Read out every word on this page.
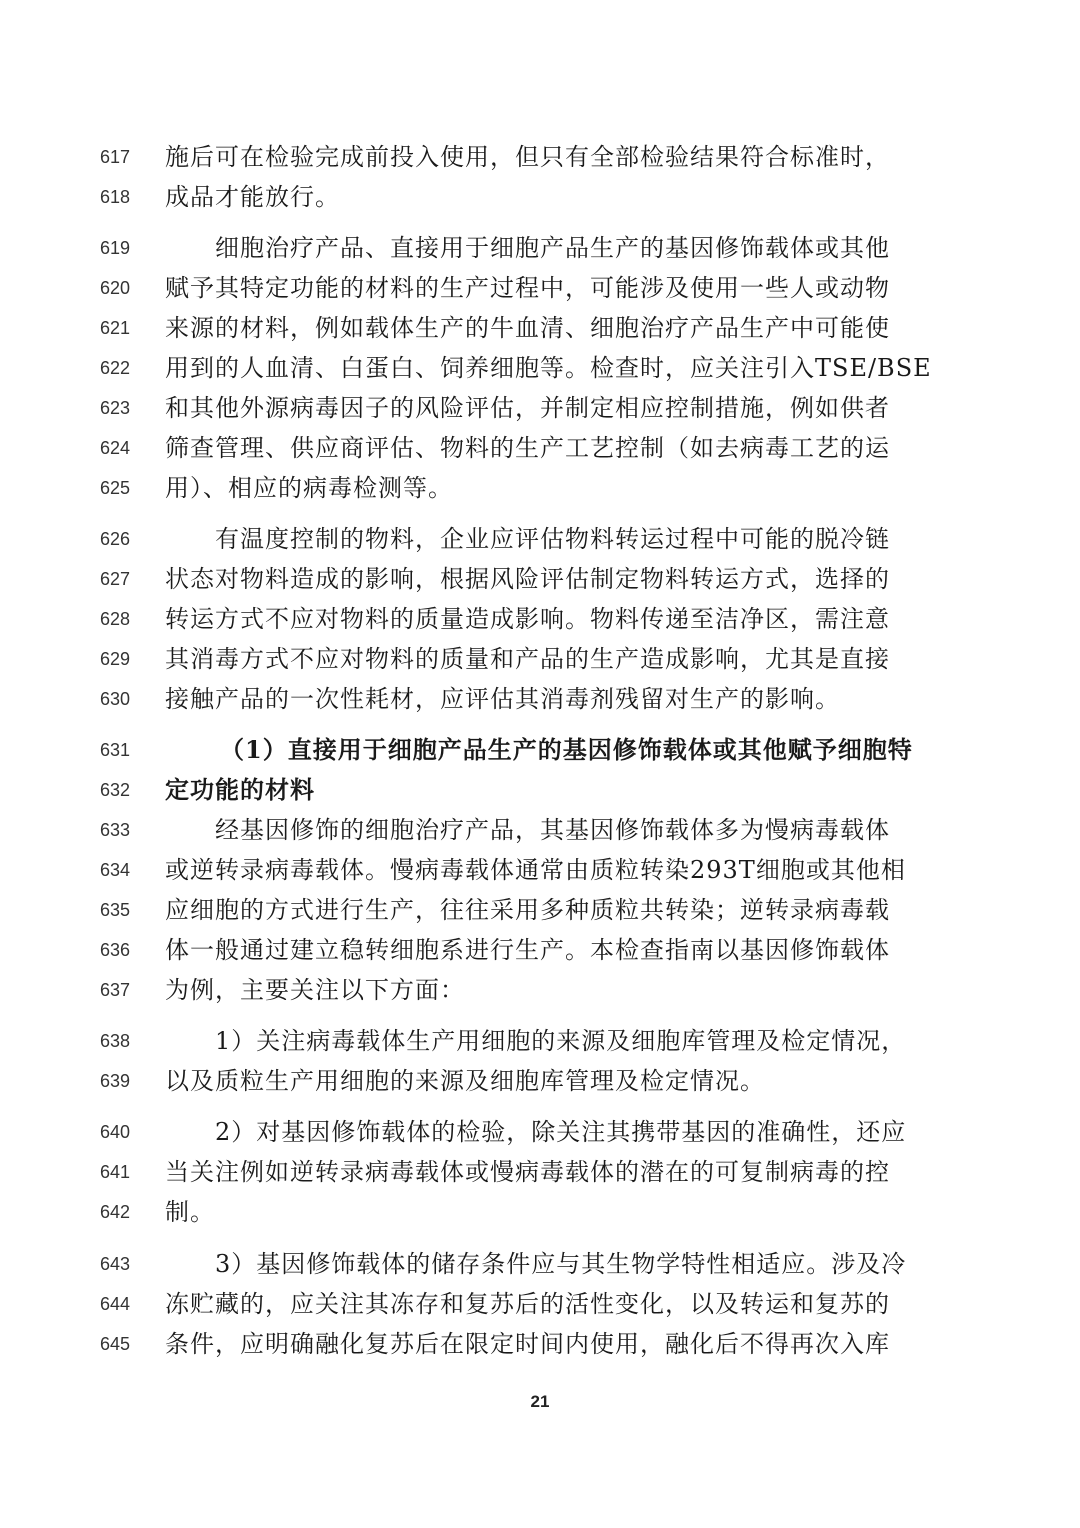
617	施后可在检验完成前投入使用，但只有全部检验结果符合标准时，
618	成品才能放行。
619	细胞治疗产品、直接用于细胞产品生产的基因修饰载体或其他
620	赋予其特定功能的材料的生产过程中，可能涉及使用一些人或动物
621	来源的材料，例如载体生产的牛血清、细胞治疗产品生产中可能使
622	用到的人血清、白蛋白、饲养细胞等。检查时，应关注引入TSE/BSE
623	和其他外源病毒因子的风险评估，并制定相应控制措施，例如供者
624	筛查管理、供应商评估、物料的生产工艺控制（如去病毒工艺的运
625	用）、相应的病毒检测等。
626	有温度控制的物料，企业应评估物料转运过程中可能的脱冷链
627	状态对物料造成的影响，根据风险评估制定物料转运方式，选择的
628	转运方式不应对物料的质量造成影响。物料传递至洁净区，需注意
629	其消毒方式不应对物料的质量和产品的生产造成影响，尤其是直接
630	接触产品的一次性耗材，应评估其消毒剂残留对生产的影响。
631	（1）直接用于细胞产品生产的基因修饰载体或其他赋予细胞特
632	定功能的材料
633	经基因修饰的细胞治疗产品，其基因修饰载体多为慢病毒载体
634	或逆转录病毒载体。慢病毒载体通常由质粒转染293T细胞或其他相
635	应细胞的方式进行生产，往往采用多种质粒共转染；逆转录病毒载
636	体一般通过建立稳转细胞系进行生产。本检查指南以基因修饰载体
637	为例，主要关注以下方面：
638	1）关注病毒载体生产用细胞的来源及细胞库管理及检定情况，
639	以及质粒生产用细胞的来源及细胞库管理及检定情况。
640	2）对基因修饰载体的检验，除关注其携带基因的准确性，还应
641	当关注例如逆转录病毒载体或慢病毒载体的潜在的可复制病毒的控
642	制。
643	3）基因修饰载体的储存条件应与其生物学特性相适应。涉及冷
644	冻贮藏的，应关注其冻存和复苏后的活性变化，以及转运和复苏的
645	条件，应明确融化复苏后在限定时间内使用，融化后不得再次入库
21
